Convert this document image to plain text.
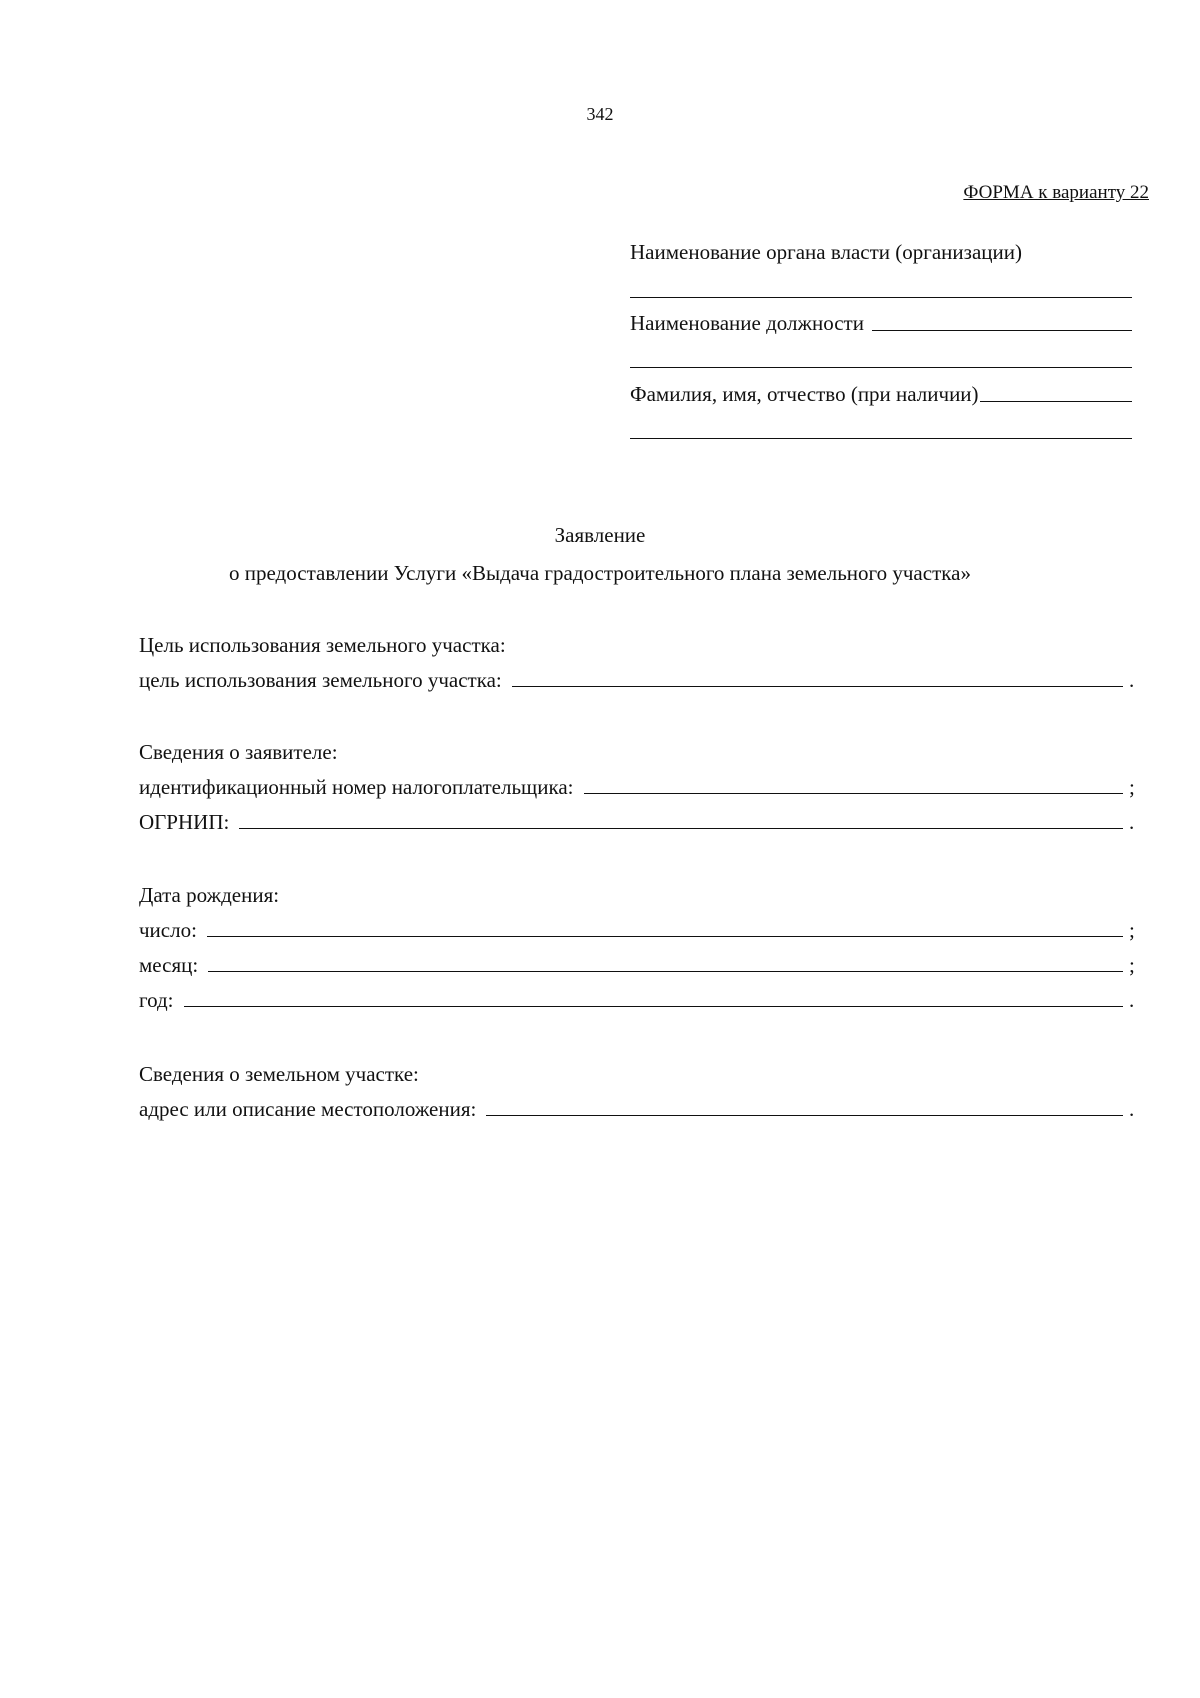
342
ФОРМА к варианту 22
Наименование органа власти (организации)
Наименование должности
Фамилия, имя, отчество (при наличии)
Заявление
о предоставлении Услуги «Выдача градостроительного плана земельного участка»
Цель использования земельного участка:
цель использования земельного участка:	.
Сведения о заявителе:
идентификационный номер налогоплательщика:	;
ОГРНИП:	.
Дата рождения:
число:	;
месяц:	;
год:	.
Сведения о земельном участке:
адрес или описание местоположения:	.
